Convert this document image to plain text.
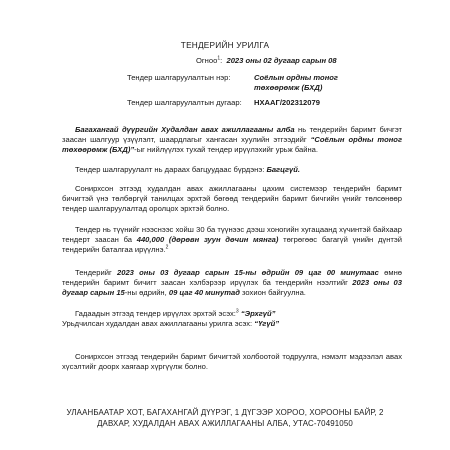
ТЕНДЕРИЙН УРИЛГА
Огноо$^1$: 2023 оны 02 дугаар сарын 08
Тендер шалгаруулалтын нэр:	Соёлын ордны тоног төхөөрөмж (БХД)
Тендер шалгаруулалтын дугаар: НХААГ/202312079
Багахангай дүүргийн Худалдан авах ажиллагааны алба нь тендерийн баримт бичгэт заасан шалгуур үзүүлэлт, шаардлагыг хангасан хуулийн этгээдийг “Соёлын ордны тоног төхөөрөмж (БХД)”-ыг нийлүүлэх тухай тендер ирүүлэхийг урьж байна.
Тендер шалгаруулалт нь дараах багцуудаас бүрдэнэ: Багцгүй.
Сонирхсон этгээд худалдан авах ажиллагааны цахим системээр тендерийн баримт бичигтэй үнэ төлбөргүй танилцах эрхтэй бөгөөд тендерийн баримт бичгийн үнийг төлсөнөөр тендер шалгаруулалтад оролцох эрхтэй болно.
Тендер нь түүнийг нээснээс хойш 30 ба түүнээс дээш хоногийн хугацаанд хүчинтэй байхаар тендерт заасан ба 440,000 (дөрөвн зуун дөчин мянга) төгрөгөөс багагүй үнийн дүнтэй тендерийн баталгаа ирүүлнэ.$^2$
Тендерийг 2023 оны 03 дугаар сарын 15-ны өдрийн 09 цаг 00 минутаас өмнө тендерийн баримт бичигт заасан хэлбэрээр ирүүлэх ба тендерийн нээлтийг 2023 оны 03 дугаар сарын 15-ны өдрийн, 09 цаг 40 минутад зохион байгуулна.
Гадаадын этгээд тендер ирүүлэх эрхтэй эсэх:$^3$ “Эрхгүй”
Урьдчилсан худалдан авах ажиллагааны урилга эсэх: “Үгүй”
Сонирхсон этгээд тендерийн баримт бичигтэй холбоотой тодруулга, нэмэлт мэдээлэл авах хүсэлтийг доорх хаягаар хүргүүлж болно.
УЛААНБААТАР ХОТ, БАГАХАНГАЙ ДҮҮРЭГ, 1 ДҮГЭЭР ХОРОО, ХОРООНЫ БАЙР, 2
ДАВХАР, ХУДАЛДАН АВАХ АЖИЛЛАГААНЫ АЛБА, УТАС-70491050
